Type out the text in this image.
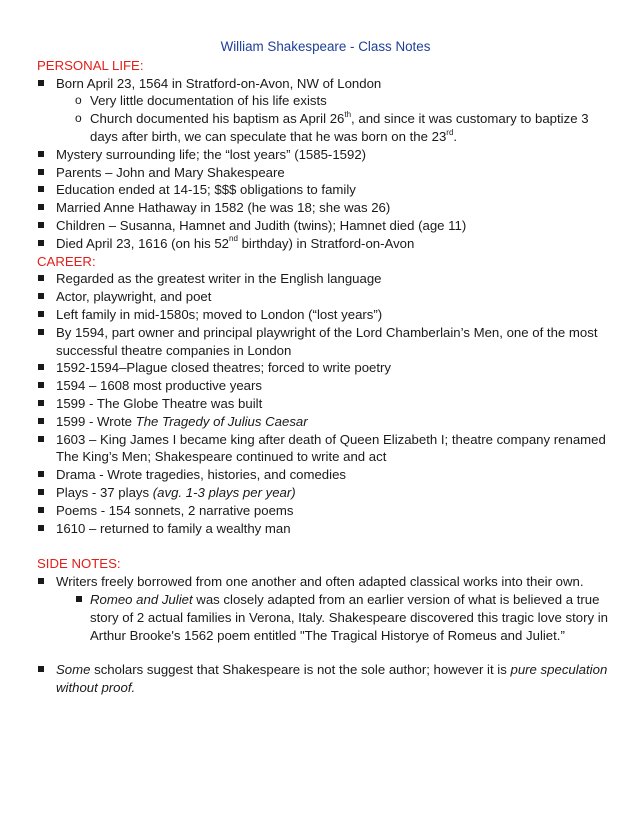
William Shakespeare - Class Notes
PERSONAL LIFE:
Born April 23, 1564 in Stratford-on-Avon, NW of London
o Very little documentation of his life exists
o Church documented his baptism as April 26th, and since it was customary to baptize 3 days after birth, we can speculate that he was born on the 23rd.
Mystery surrounding life; the “lost years” (1585-1592)
Parents – John and Mary Shakespeare
Education ended at 14-15; $$$ obligations to family
Married Anne Hathaway in 1582 (he was 18; she was 26)
Children – Susanna, Hamnet and Judith (twins); Hamnet died (age 11)
Died April 23, 1616 (on his 52nd birthday) in Stratford-on-Avon
CAREER:
Regarded as the greatest writer in the English language
Actor, playwright, and poet
Left family in mid-1580s; moved to London (“lost years”)
By 1594, part owner and principal playwright of the Lord Chamberlain’s Men, one of the most successful theatre companies in London
1592-1594–Plague closed theatres; forced to write poetry
1594 – 1608 most productive years
1599 - The Globe Theatre was built
1599 - Wrote The Tragedy of Julius Caesar
1603 – King James I became king after death of Queen Elizabeth I; theatre company renamed The King’s Men; Shakespeare continued to write and act
Drama - Wrote tragedies, histories, and comedies
Plays - 37 plays (avg. 1-3 plays per year)
Poems - 154 sonnets, 2 narrative poems
1610 – returned to family a wealthy man
SIDE NOTES:
Writers freely borrowed from one another and often adapted classical works into their own.
Romeo and Juliet was closely adapted from an earlier version of what is believed a true story of 2 actual families in Verona, Italy. Shakespeare discovered this tragic love story in Arthur Brooke's 1562 poem entitled "The Tragical Historye of Romeus and Juliet.”
Some scholars suggest that Shakespeare is not the sole author; however it is pure speculation without proof.
